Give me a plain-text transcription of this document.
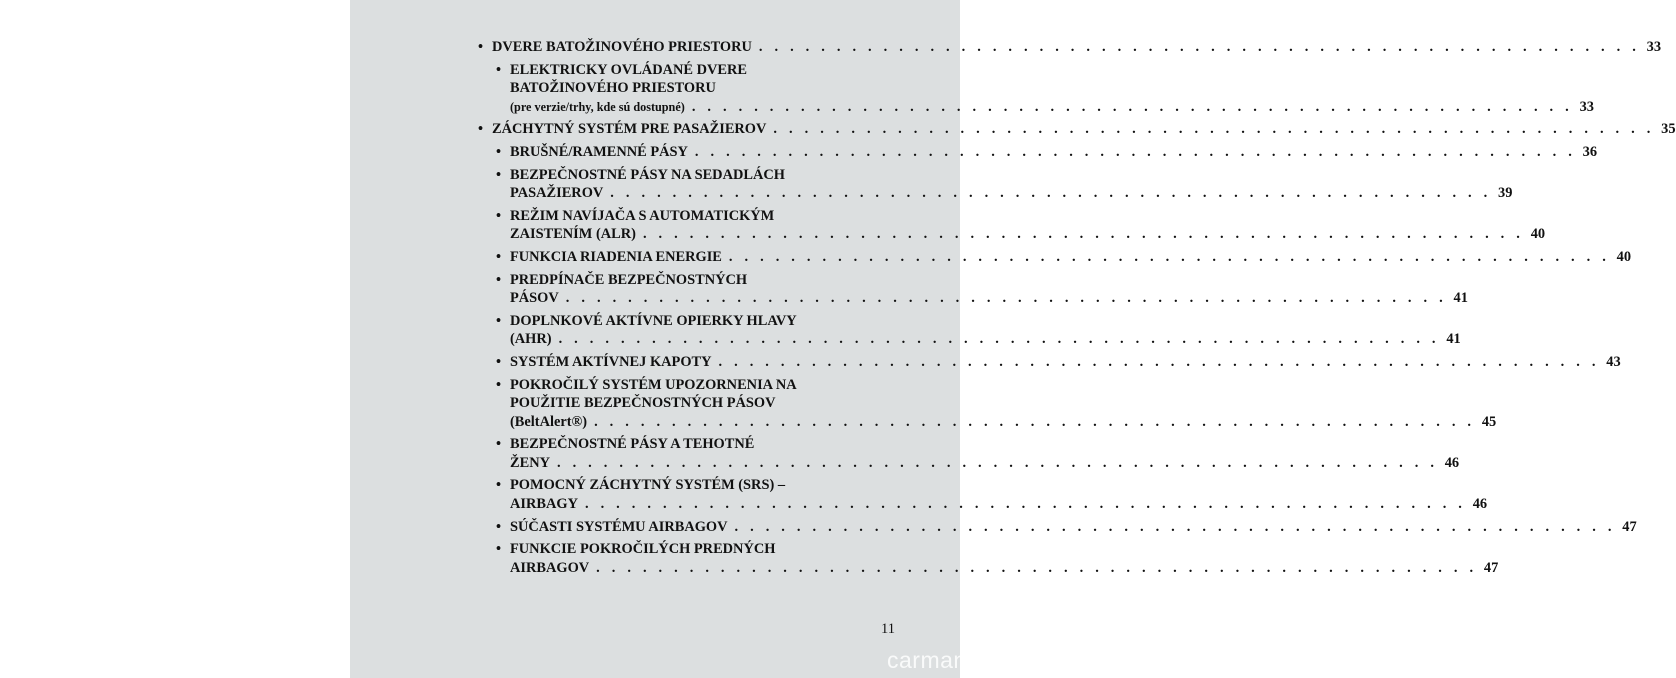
• DVERE BATOŽINOVÉHO PRIESTORU . . .	33
• ELEKTRICKY OVLÁDANÉ DVERE
BATOŽINOVÉHO PRIESTORU
(pre verzie/trhy, kde sú dostupné) . . .	33
• ZÁCHYTNÝ SYSTÉM PRE PASAŽIEROV . . .	35
• BRUŠNÉ/RAMENNÉ PÁSY . . .	36
• BEZPEČNOSTNÉ PÁSY NA SEDADLÁCH
PASAŽIEROV . . .	39
• REŽIM NAVÍJAČA S AUTOMATICKÝM
ZAISTENÍM (ALR) . . .	40
• FUNKCIA RIADENIA ENERGIE . . .	40
• PREDPÍNAČE BEZPEČNOSTNÝCH
PÁSOV . . .	41
• DOPLNKOVÉ AKTÍVNE OPIERKY HLAVY
(AHR) . . .	41
• SYSTÉM AKTÍVNEJ KAPOTY . . .	43
• POKROČILÝ SYSTÉM UPOZORNENIA NA
POUŽITIE BEZPEČNOSTNÝCH PÁSOV
(BeltAlert®) . . .	45
• BEZPEČNOSTNÉ PÁSY A TEHOTNÉ
ŽENY . . .	46
• POMOCNÝ ZÁCHYTNÝ SYSTÉM (SRS) –
AIRBAGY . . .	46
• SÚČASTI SYSTÉMU AIRBAGOV . . .	47
• FUNKCIE POKROČILÝCH PREDNÝCH
AIRBAGOV . . .	47
11
carmanualsonline.info
